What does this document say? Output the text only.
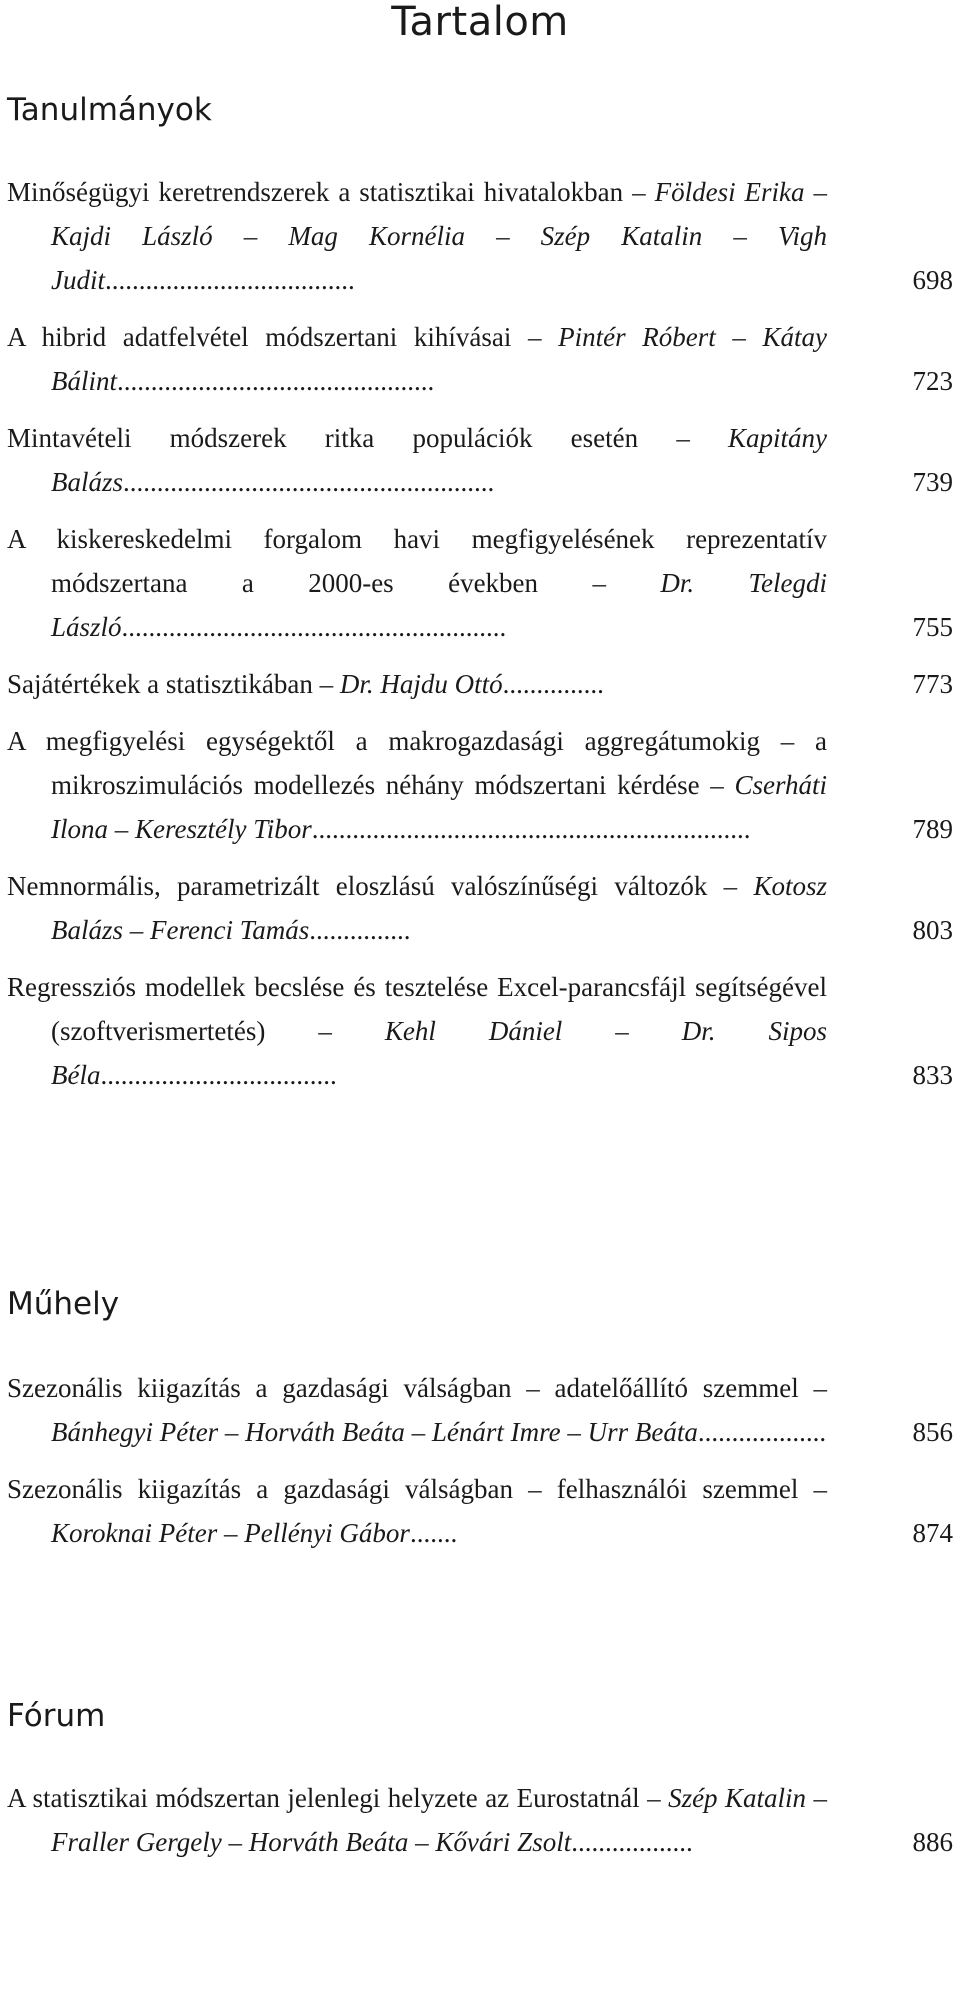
Tartalom
Tanulmányok
Minőségügyi keretrendszerek a statisztikai hivatalokban – Földesi Erika – Kajdi László – Mag Kornélia – Szép Katalin – Vigh Judit.....................................	698
A hibrid adatfelvétel módszertani kihívásai – Pintér Róbert – Kátay Bálint...............................................	723
Mintavételi módszerek ritka populációk esetén – Kapitány Balázs.......................................................	739
A kiskereskedelmi forgalom havi megfigyelésének reprezentatív módszertana a 2000-es években – Dr. Telegdi László.........................................................	755
Sajátértékek a statisztikában – Dr. Hajdu Ottó...............	773
A megfigyelési egységektől a makrogazdasági aggregátumokig – a mikroszimulációs modellezés néhány módszertani kérdése – Cserháti Ilona – Keresztély Tibor.................................................................	789
Nemnormális, parametrizált eloszlású valószínűségi változók – Kotosz Balázs – Ferenci Tamás...............	803
Regressziós modellek becslése és tesztelése Excel-parancsfájl segítségével (szoftverismertetés) – Kehl Dániel – Dr. Sipos Béla...................................	833
Műhely
Szezonális kiigazítás a gazdasági válságban – adatelőállító szemmel – Bánhegyi Péter – Horváth Beáta – Lénárt Imre – Urr Beáta...................	856
Szezonális kiigazítás a gazdasági válságban – felhasználói szemmel – Koroknai Péter – Pellényi Gábor.......	874
Fórum
A statisztikai módszertan jelenlegi helyzete az Eurostatnál – Szép Katalin – Fraller Gergely – Horváth Beáta – Kővári Zsolt..................	886
